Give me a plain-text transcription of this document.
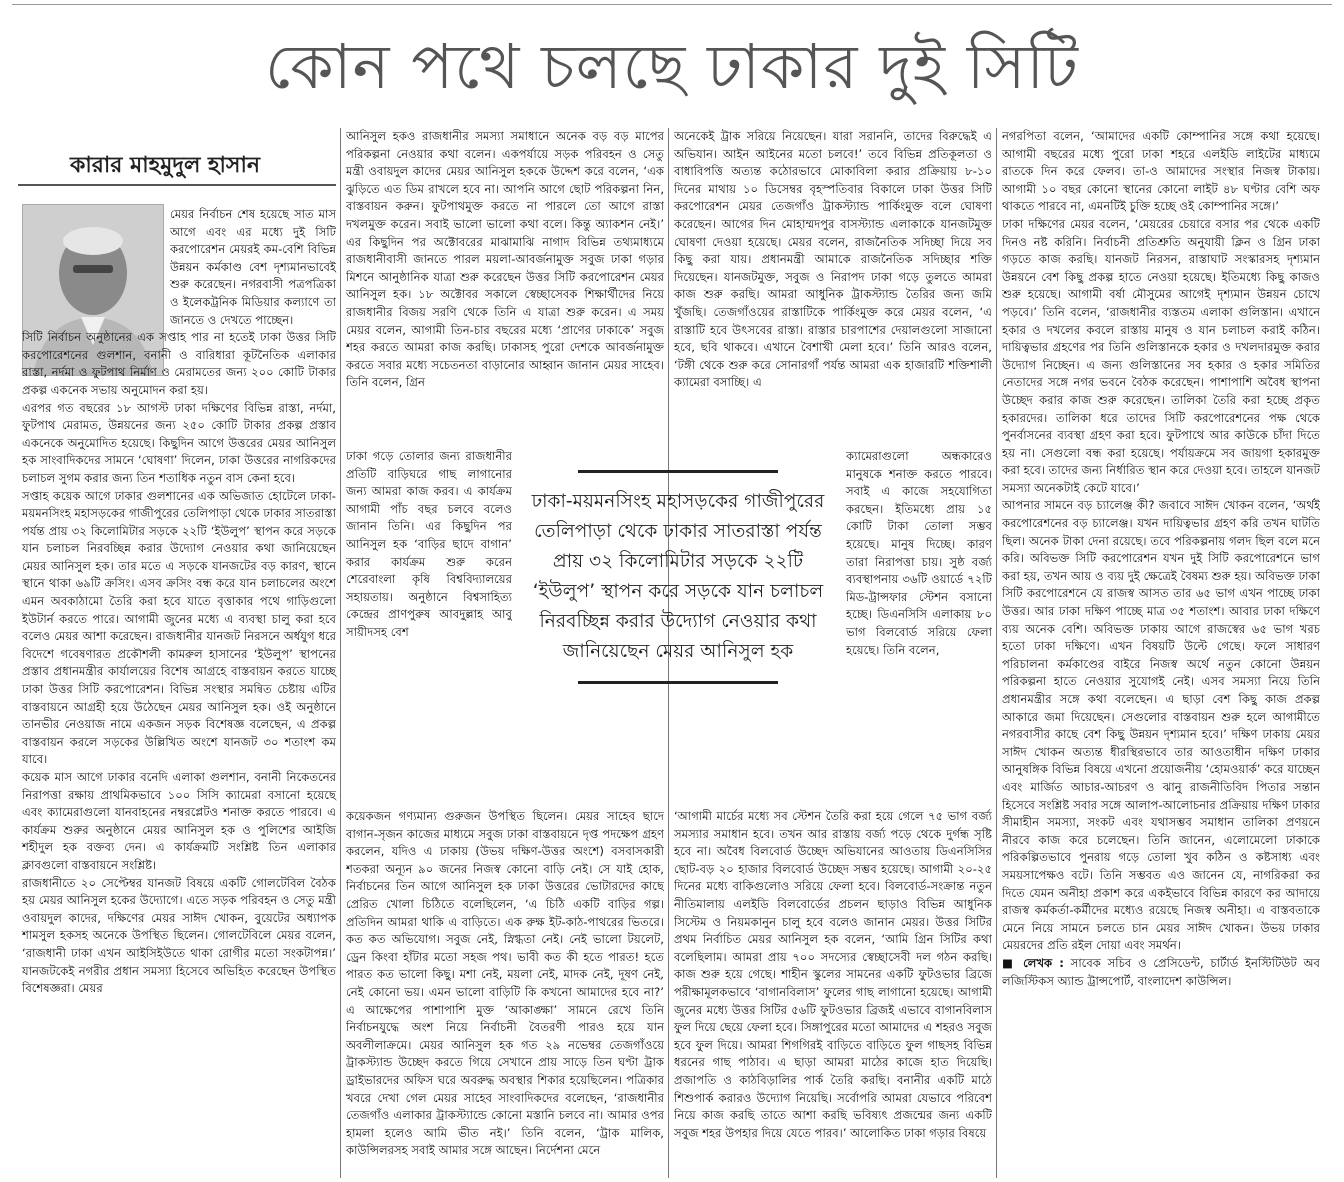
কোন পথে চলছে ঢাকার দুই সিটি
কারার মাহমুদুল হাসান

মেয়র নির্বাচন শেষ হয়েছে সাত মাস আগে এবং এর মধ্যে দুই সিটি করপোরেশন মেয়রই কম-বেশি বিভিন্ন উন্নয়ন কর্মকাণ্ড বেশ দৃশ্যমানভাবেই শুরু করেছেন। নগরবাসী পত্রপত্রিকা ও ইলেকট্রনিক মিডিয়ার কল্যাণে তা জানতে ও দেখতে পাচ্ছেন।

সিটি নির্বাচন অনুষ্ঠানের এক সপ্তাহ পার না হতেই ঢাকা উত্তর সিটি করপোরেশনের গুলশান, বনানী ও বারিধারা কূটনৈতিক এলাকার রাস্তা, নর্দমা ও ফুটপাথ নির্মাণ ও মেরামতের জন্য ২০০ কোটি টাকার প্রকল্প একনেক সভায় অনুমোদন করা হয়।

এরপর গত বছরের ১৮ আগস্ট ঢাকা দক্ষিণের বিভিন্ন রাস্তা, নর্দমা, ফুটপাথ মেরামত, উন্নয়নের জন্য ২৫০ কোটি টাকার প্রকল্প প্রস্তাব একনেকে অনুমোদিত হয়েছে। কিছুদিন আগে উত্তরের মেয়র আনিসুল হক সাংবাদিকদের সামনে ‘ঘোষণা’ দিলেন, ঢাকা উত্তরের নাগরিকদের চলাচল সুগম করার জন্য তিন শতাধিক নতুন বাস কেনা হবে।

সপ্তাহ কয়েক আগে ঢাকার গুলশানের এক অভিজাত হোটেলে ঢাকা-ময়মনসিংহ মহাসড়কের গাজীপুরের তেলিপাড়া থেকে ঢাকার সাতরাস্তা পর্যন্ত প্রায় ৩২ কিলোমিটার সড়কে ২২টি ‘ইউলুপ’ স্থাপন করে সড়কে যান চলাচল নিরবচ্ছিন্ন করার উদ্যোগ নেওয়ার কথা জানিয়েছেন মেয়র আনিসুল হক। তার মতে এ সড়কে যানজটের বড় কারণ, স্থানে স্থানে থাকা ৬৯টি ক্রসিং। এসব ক্রসিং বন্ধ করে যান চলাচলের অংশে এমন অবকাঠামো তৈরি করা হবে যাতে বৃত্তাকার পথে গাড়িগুলো ইউটার্ন করতে পারে। আগামী জুনের মধ্যে এ ব্যবস্থা চালু করা হবে বলেও মেয়র আশা করেছেন। রাজধানীর যানজট নিরসনে অর্ধযুগ ধরে বিদেশে গবেষণারত প্রকৌশলী কামরুল হাসানের ‘ইউলুপ’ স্থাপনের প্রস্তাব প্রধানমন্ত্রীর কার্যালয়ের বিশেষ আগ্রহে বাস্তবায়ন করতে যাচ্ছে ঢাকা উত্তর সিটি করপোরেশন। বিভিন্ন সংস্থার সমন্বিত চেষ্টায় এটির বাস্তবায়নে আগ্রহী হয়ে উঠেছেন মেয়র আনিসুল হক। ওই অনুষ্ঠানে তানভীর নেওয়াজ নামে একজন সড়ক বিশেষজ্ঞ বলেছেন, এ প্রকল্প বাস্তবায়ন করলে সড়কের উল্লিখিত অংশে যানজট ৩০ শতাংশ কম যাবে।

কয়েক মাস আগে ঢাকার বনেদি এলাকা গুলশান, বনানী নিকেতনের নিরাপত্তা রক্ষায় প্রাথমিকভাবে ১০০ সিসি ক্যামেরা বসানো হয়েছে এবং ক্যামেরাগুলো যানবাহনের নম্বরপ্লেটও শনাক্ত করতে পারবে। এ কার্যক্রম শুরুর অনুষ্ঠানে মেয়র আনিসুল হক ও পুলিশের আইজি শহীদুল হক বক্তব্য দেন। এ কার্যক্রমটি সংশ্লিষ্ট তিন এলাকার ক্লাবগুলো বাস্তবায়নে সংশ্লিষ্ট।

রাজধানীতে ২০ সেপ্টেম্বর যানজট বিষয়ে একটি গোলটেবিল বৈঠক হয় মেয়র আনিসুল হকের উদ্যোগে। এতে সড়ক পরিবহন ও সেতু মন্ত্রী ওবায়দুল কাদের, দক্ষিণের মেয়র সাঈদ খোকন, বুয়েটের অধ্যাপক শামসুল হকসহ অনেকে উপস্থিত ছিলেন। গোলটেবিলে মেয়র বলেন, ‘রাজধানী ঢাকা এখন আইসিইউতে থাকা রোগীর মতো সংকটাপন্ন।’ যানজটকেই নগরীর প্রধান সমস্যা হিসেবে অভিহিত করেছেন উপস্থিত বিশেষজ্ঞরা। মেয়র

আনিসুল হকও রাজধানীর সমস্যা সমাধানে অনেক বড় বড় মাপের পরিকল্পনা নেওয়ার কথা বলেন। একপর্যায়ে সড়ক পরিবহন ও সেতু মন্ত্রী ওবায়দুল কাদের মেয়র আনিসুল হককে উদ্দেশ করে বলেন, ‘এক ঝুড়িতে এত ডিম রাখলে হবে না। আপনি আগে ছোট পরিকল্পনা নিন, বাস্তবায়ন করুন। ফুটপাথমুক্ত করতে না পারলে তো আগে রাস্তা দখলমুক্ত করেন। সবাই ভালো ভালো কথা বলে। কিন্তু অ্যাকশন নেই।’ এর কিছুদিন পর অক্টোবরের মাঝামাঝি নাগাদ বিভিন্ন তথ্যমাধ্যমে রাজধানীবাসী জানতে পারল ময়লা-আবর্জনামুক্ত সবুজ ঢাকা গড়ার মিশনে আনুষ্ঠানিক যাত্রা শুরু করেছেন উত্তর সিটি করপোরেশন মেয়র আনিসুল হক। ১৮ অক্টোবর সকালে স্বেচ্ছাসেবক শিক্ষার্থীদের নিয়ে রাজধানীর বিজয় সরণি থেকে তিনি এ যাত্রা শুরু করেন। এ সময় মেয়র বলেন, আগামী তিন-চার বছরের মধ্যে ‘প্রাণের ঢাকাকে’ সবুজ শহর করতে আমরা কাজ করছি। ঢাকাসহ পুরো দেশকে আবর্জনামুক্ত করতে সবার মধ্যে সচেতনতা বাড়ানোর আহ্বান জানান মেয়র সাহেব। তিনি বলেন, গ্রিন

ঢাকা গড়ে তোলার জন্য রাজধানীর প্রতিটি বাড়িঘরে গাছ লাগানোর জন্য আমরা কাজ করব। এ কার্যক্রম আগামী পাঁচ বছর চলবে বলেও জানান তিনি। এর কিছুদিন পর আনিসুল হক ‘বাড়ির ছাদে বাগান’ করার কার্যক্রম শুরু করেন শেরেবাংলা কৃষি বিশ্ববিদ্যালয়ের সহায়তায়। অনুষ্ঠানে বিশ্বসাহিত্য কেন্দ্রের প্রাণপুরুষ আবদুল্লাহ আবু সায়ীদসহ বেশ

অনেকেই ট্রাক সরিয়ে নিয়েছেন। যারা সরাননি, তাদের বিরুদ্ধেই এ অভিযান। আইন আইনের মতো চলবে!’ তবে বিভিন্ন প্রতিকূলতা ও বাধাবিপত্তি অত্যন্ত কঠোরভাবে মোকাবিলা করার প্রক্রিয়ায় ৮-১০ দিনের মাথায় ১০ ডিসেম্বর বৃহস্পতিবার বিকালে ঢাকা উত্তর সিটি করপোরেশন মেয়র তেজগাঁও ট্রাকস্ট্যান্ড পার্কিংমুক্ত বলে ঘোষণা করেছেন। আগের দিন মোহাম্মদপুর বাসস্ট্যান্ড এলাকাকে যানজটমুক্ত ঘোষণা দেওয়া হয়েছে। মেয়র বলেন, রাজনৈতিক সদিচ্ছা দিয়ে সব কিছু করা যায়। প্রধানমন্ত্রী আমাকে রাজনৈতিক সদিচ্ছার শক্তি দিয়েছেন। যানজটমুক্ত, সবুজ ও নিরাপদ ঢাকা গড়ে তুলতে আমরা কাজ শুরু করছি। আমরা আধুনিক ট্রাকস্ট্যান্ড তৈরির জন্য জমি খুঁজছি। তেজগাঁওয়ের রাস্তাটিকে পার্কিংমুক্ত করে মেয়র বলেন, ‘এ রাস্তাটি হবে উৎসবের রাস্তা। রাস্তার চারপাশের দেয়ালগুলো সাজানো হবে, ছবি থাকবে। এখানে বৈশাখী মেলা হবে।’ তিনি আরও বলেন, ‘টঙ্গী থেকে শুরু করে সোনারগাঁ পর্যন্ত আমরা এক হাজারটি শক্তিশালী ক্যামেরা বসাচ্ছি। এ

ক্যামেরাগুলো অন্ধকারেও মানুষকে শনাক্ত করতে পারবে। সবাই এ কাজে সহযোগিতা করছেন। ইতিমধ্যে প্রায় ১৫ কোটি টাকা তোলা সম্ভব হয়েছে। মানুষ দিচ্ছে। কারণ তারা নিরাপত্তা চায়। সুষ্ঠ বর্জ্য ব্যবস্থাপনায় ৩৬টি ওয়ার্ডে ৭২টি মিড-ট্রান্সফার স্টেশন বসানো হচ্ছে। ডিএনসিসি এলাকায় ৮০ ভাগ বিলবোর্ড সরিয়ে ফেলা হয়েছে। তিনি বলেন,

ঢাকা-ময়মনসিংহ মহাসড়কের গাজীপুরের তেলিপাড়া থেকে ঢাকার সাতরাস্তা পর্যন্ত প্রায় ৩২ কিলোমিটার সড়কে ২২টি ‘ইউলুপ’ স্থাপন করে সড়কে যান চলাচল নিরবচ্ছিন্ন করার উদ্যোগ নেওয়ার কথা জানিয়েছেন মেয়র আনিসুল হক

কয়েকজন গণ্যমান্য গুরুজন উপস্থিত ছিলেন। মেয়র সাহেব ছাদে বাগান-সৃজন কাজের মাধ্যমে সবুজ ঢাকা বাস্তবায়নে দৃপ্ত পদক্ষেপ গ্রহণ করলেন, যদিও এ ঢাকায় (উভয় দক্ষিণ-উত্তর অংশে) বসবাসকারী শতকরা অন্যূন ৯০ জনের নিজস্ব কোনো বাড়ি নেই। সে যাই হোক, নির্বাচনের তিন আগে আনিসুল হক ঢাকা উত্তরের ভোটারদের কাছে প্রেরিত খোলা চিঠিতে বলেছিলেন, ‘এ চিঠি একটি বাড়ির গল্প। প্রতিদিন আমরা থাকি এ বাড়িতে। এক রুক্ষ ইট-কাঠ-পাথরের ভিতরে। কত কত অভিযোগ। সবুজ নেই, স্নিগ্ধতা নেই। নেই ভালো টয়লেট, ড্রেন কিংবা হাঁটার মতো সহজ পথ। ভাবী কত কী হতে পারত! হতে পারত কত ভালো কিছু। মশা নেই, ময়লা নেই, মাদক নেই, দূষণ নেই, নেই কোনো ভয়। এমন ভালো বাড়িটি কি কখনো আমাদের হবে না?’ এ আক্ষেপের পাশাপাশি মুক্ত ‘আকাঙ্ক্ষা’ সামনে রেখে তিনি নির্বাচনযুদ্ধে অংশ নিয়ে নির্বাচনী বৈতরণী পারও হয়ে যান অবলীলাক্রমে। মেয়র আনিসুল হক গত ২৯ নভেম্বর তেজগাঁওয়ে ট্রাকস্ট্যান্ড উচ্ছেদ করতে গিয়ে সেখানে প্রায় সাড়ে তিন ঘণ্টা ট্রাক ড্রাইভারদের অফিস ঘরে অবরুদ্ধ অবস্থার শিকার হয়েছিলেন। পত্রিকার খবরে দেখা গেল মেয়র সাহেব সাংবাদিকদের বলেছেন, ‘রাজধানীর তেজগাঁও এলাকার ট্রাকস্ট্যান্ডে কোনো মস্তানি চলবে না। আমার ওপর হামলা হলেও আমি ভীত নই।’ তিনি বলেন, ‘ট্রাক মালিক, কাউন্সিলরসহ সবাই আমার সঙ্গে আছেন। নির্দেশনা মেনে

‘আগামী মার্চের মধ্যে সব স্টেশন তৈরি করা হয়ে গেলে ৭৫ ভাগ বর্জ্য সমস্যার সমাধান হবে। তখন আর রাস্তায় বর্জ্য পড়ে থেকে দুর্গন্ধ সৃষ্টি হবে না। অবৈধ বিলবোর্ড উচ্ছেদ অভিযানের আওতায় ডিএনসিসির ছোট-বড় ২০ হাজার বিলবোর্ড উচ্ছেদ সম্ভব হয়েছে। আগামী ২০-২৫ দিনের মধ্যে বাকিগুলোও সরিয়ে ফেলা হবে। বিলবোর্ড-সংক্রান্ত নতুন নীতিমালায় এলইডি বিলবোর্ডের প্রচলন ছাড়াও বিভিন্ন আধুনিক সিস্টেম ও নিয়মকানুন চালু হবে বলেও জানান মেয়র। উত্তর সিটির প্রথম নির্বাচিত মেয়র আনিসুল হক বলেন, ‘আমি গ্রিন সিটির কথা বলেছিলাম। আমরা প্রায় ৭০০ সদস্যের স্বেচ্ছাসেবী দল গঠন করছি। কাজ শুরু হয়ে গেছে। শাহীন স্কুলের সামনের একটি ফুটওভার ব্রিজে পরীক্ষামূলকভাবে ‘বাগানবিলাস’ ফুলের গাছ লাগানো হয়েছে। আগামী জুনের মধ্যে উত্তর সিটির ৫৬টি ফুটওভার ব্রিজই এভাবে বাগানবিলাস ফুল দিয়ে ছেয়ে ফেলা হবে। সিঙ্গাপুরের মতো আমাদের এ শহরও সবুজ হবে ফুল দিয়ে। আমরা শিগগিরই বাড়িতে বাড়িতে ফুল গাছসহ বিভিন্ন ধরনের গাছ পাঠাব। এ ছাড়া আমরা মাঠের কাজে হাত দিয়েছি। প্রজাপতি ও কাঠবিড়ালির পার্ক তৈরি করছি। বনানীর একটি মাঠে শিশুপার্ক করারও উদ্যোগ নিয়েছি। সর্বোপরি আমরা যেভাবে পরিবেশ নিয়ে কাজ করছি তাতে আশা করছি ভবিষ্যৎ প্রজন্মের জন্য একটি সবুজ শহর উপহার দিয়ে যেতে পারব।’ আলোকিত ঢাকা গড়ার বিষয়ে

নগরপিতা বলেন, ‘আমাদের একটি কোম্পানির সঙ্গে কথা হয়েছে। আগামী বছরের মধ্যে পুরো ঢাকা শহরে এলইডি লাইটের মাধ্যমে রাতকে দিন করে ফেলব। তা-ও আমাদের সংস্থার নিজস্ব টাকায়। আগামী ১০ বছর কোনো স্থানের কোনো লাইট ৪৮ ঘণ্টার বেশি অফ থাকতে পারবে না, এমনটিই চুক্তি হচ্ছে ওই কোম্পানির সঙ্গে।’

ঢাকা দক্ষিণের মেয়র বলেন, ‘মেয়রের চেয়ারে বসার পর থেকে একটি দিনও নষ্ট করিনি। নির্বাচনী প্রতিশ্রুতি অনুযায়ী ক্লিন ও গ্রিন ঢাকা গড়তে কাজ করছি। যানজট নিরসন, রাস্তাঘাট সংস্কারসহ দৃশ্যমান উন্নয়নে বেশ কিছু প্রকল্প হাতে নেওয়া হয়েছে। ইতিমধ্যে কিছু কাজও শুরু হয়েছে। আগামী বর্ষা মৌসুমের আগেই দৃশ্যমান উন্নয়ন চোখে পড়বে।’ তিনি বলেন, ‘রাজধানীর ব্যস্ততম এলাকা গুলিস্তান। এখানে হকার ও দখলের কবলে রাস্তায় মানুষ ও যান চলাচল করাই কঠিন। দায়িত্বভার গ্রহণের পর তিনি গুলিস্তানকে হকার ও দখলদারমুক্ত করার উদ্যোগ নিচ্ছেন। এ জন্য গুলিস্তানের সব হকার ও হকার সমিতির নেতাদের সঙ্গে নগর ভবনে বৈঠক করেছেন। পাশাপাশি অবৈধ স্থাপনা উচ্ছেদ করার কাজ শুরু করেছেন। তালিকা তৈরি করা হচ্ছে প্রকৃত হকারদের। তালিকা ধরে তাদের সিটি করপোরেশনের পক্ষ থেকে পুনর্বাসনের ব্যবস্থা গ্রহণ করা হবে। ফুটপাথে আর কাউকে চাঁদা দিতে হয় না। সেগুলো বন্ধ করা হয়েছে। পর্যায়ক্রমে সব জায়গা হকারমুক্ত করা হবে। তাদের জন্য নির্ধারিত স্থান করে দেওয়া হবে। তাহলে যানজট সমস্যা অনেকটাই কেটে যাবে।’

আপনার সামনে বড় চ্যালেঞ্জ কী? জবাবে সাঈদ খোকন বলেন, ‘অর্থই করপোরেশনের বড় চ্যালেঞ্জ। যখন দায়িত্বভার গ্রহণ করি তখন ঘাটতি ছিল। অনেক টাকা দেনা রয়েছে। তবে পরিকল্পনায় গলদ ছিল বলে মনে করি। অবিভক্ত সিটি করপোরেশন যখন দুই সিটি করপোরেশনে ভাগ করা হয়, তখন আয় ও ব্যয় দুই ক্ষেত্রেই বৈষম্য শুরু হয়। অবিভক্ত ঢাকা সিটি করপোরেশনে যে রাজস্ব আসত তার ৬৫ ভাগ এখন পাচ্ছে ঢাকা উত্তর। আর ঢাকা দক্ষিণ পাচ্ছে মাত্র ৩৫ শতাংশ। আবার ঢাকা দক্ষিণে ব্যয় অনেক বেশি। অবিভক্ত ঢাকায় আগে রাজস্বের ৬৫ ভাগ খরচ হতো ঢাকা দক্ষিণে। এখন বিষয়টি উল্টে গেছে। ফলে সাধারণ পরিচালনা কর্মকাণ্ডের বাইরে নিজস্ব অর্থে নতুন কোনো উন্নয়ন পরিকল্পনা হাতে নেওয়ার সুযোগই নেই। এসব সমস্যা নিয়ে তিনি প্রধানমন্ত্রীর সঙ্গে কথা বলেছেন। এ ছাড়া বেশ কিছু কাজ প্রকল্প আকারে জমা দিয়েছেন। সেগুলোর বাস্তবায়ন শুরু হলে আগামীতে নগরবাসীর কাছে বেশ কিছু উন্নয়ন দৃশ্যমান হবে।’ দক্ষিণ ঢাকায় মেয়র সাঈদ খোকন অত্যন্ত ধীরস্থিরভাবে তার আওতাধীন দক্ষিণ ঢাকার আনুষঙ্গিক বিভিন্ন বিষয়ে এখনো প্রয়োজনীয় ‘হোমওয়ার্ক’ করে যাচ্ছেন এবং মার্জিত আচার-আচরণ ও ঝানু রাজনীতিবিদ পিতার সন্তান হিসেবে সংশ্লিষ্ট সবার সঙ্গে আলাপ-আলোচনার প্রক্রিয়ায় দক্ষিণ ঢাকার সীমাহীন সমস্যা, সংকট এবং যথাসম্ভব সমাধান তালিকা প্রণয়নে নীরবে কাজ করে চলেছেন। তিনি জানেন, এলোমেলো ঢাকাকে পরিকল্পিতভাবে পুনরায় গড়ে তোলা খুব কঠিন ও কষ্টসাধ্য এবং সময়সাপেক্ষও বটে। তিনি সম্ভবত এও জানেন যে, নাগরিকরা কর দিতে যেমন অনীহা প্রকাশ করে একইভাবে বিভিন্ন কারণে কর আদায়ে রাজস্ব কর্মকর্তা-কর্মীদের মধ্যেও রয়েছে নিজস্ব অনীহা। এ বাস্তবতাকে মেনে নিয়ে সামনে চলতে চান মেয়র সাঈদ খোকন। উভয় ঢাকার মেয়রদের প্রতি রইল দোয়া এবং সমর্থন।

■ লেখক : সাবেক সচিব ও প্রেসিডেন্ট, চার্টার্ড ইনস্টিটিউট অব লজিস্টিকস অ্যান্ড ট্রান্সপোর্ট, বাংলাদেশ কাউন্সিল।
